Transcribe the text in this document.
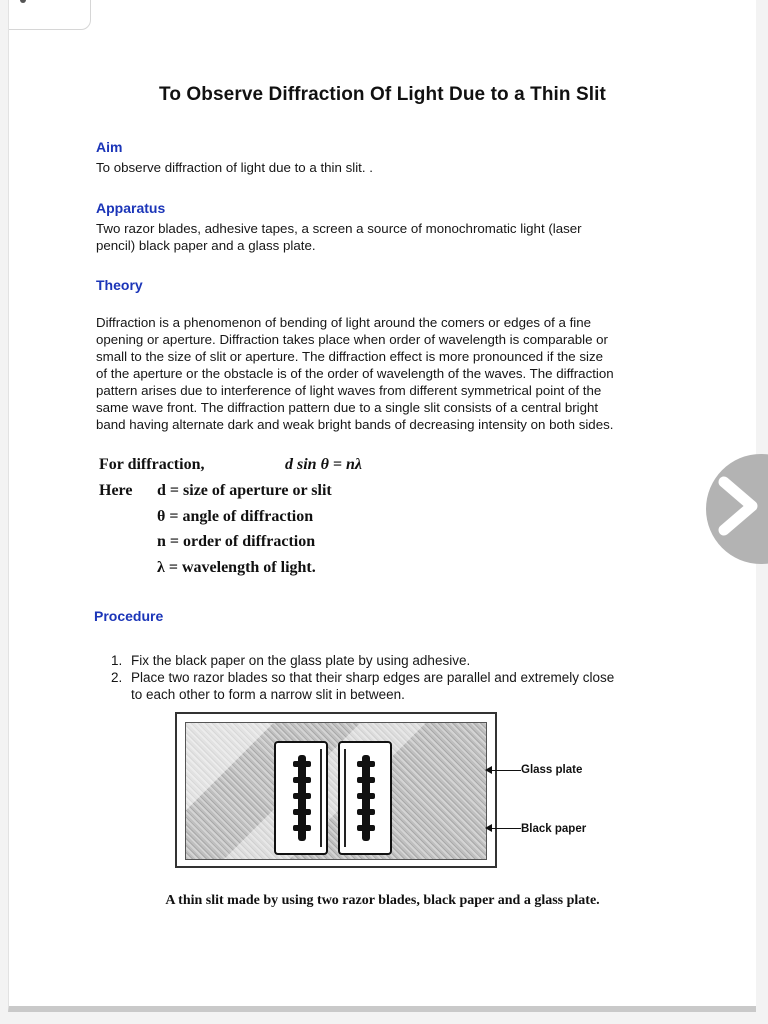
To Observe Diffraction Of Light Due to a Thin Slit
Aim
To observe diffraction of light due to a thin slit. .
Apparatus
Two razor blades, adhesive tapes, a screen a source of monochromatic light (laser
pencil) black paper and a glass plate.
Theory
Diffraction is a phenomenon of bending of light around the comers or edges of a fine
opening or aperture. Diffraction takes place when order of wavelength is comparable or
small to the size of slit or aperture. The diffraction effect is more pronounced if the size
of the aperture or the obstacle is of the order of wavelength of the waves. The diffraction
pattern arises due to interference of light waves from different symmetrical point of the
same wave front. The diffraction pattern due to a single slit consists of a central bright
band having alternate dark and weak bright bands of decreasing intensity on both sides.
For diffraction,	d sin θ = nλ
Here d = size of aperture or slit
θ = angle of diffraction
n = order of diffraction
λ = wavelength of light.
Procedure
1. Fix the black paper on the glass plate by using adhesive.
2. Place two razor blades so that their sharp edges are parallel and extremely close
to each other to form a narrow slit in between.
Glass plate
Black paper
A thin slit made by using two razor blades, black paper and a glass plate.
